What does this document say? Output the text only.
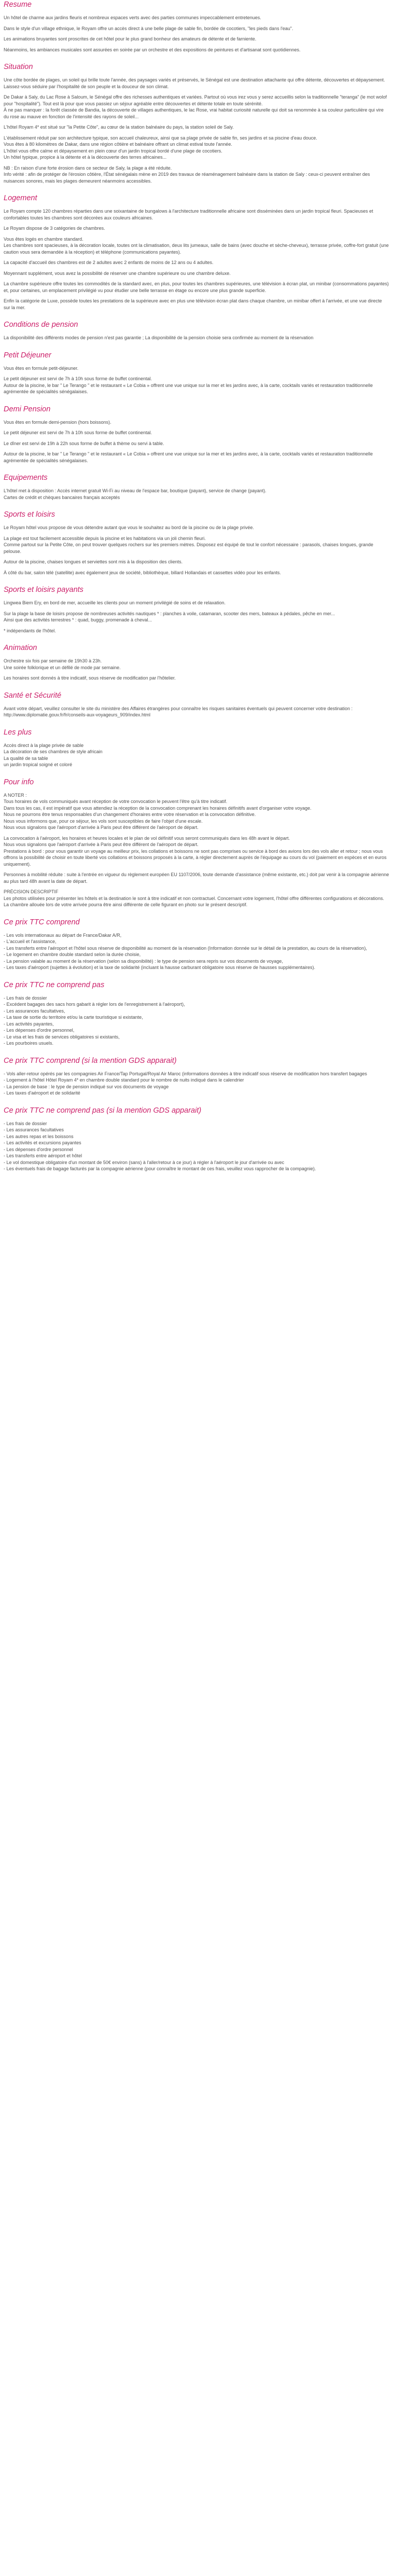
Resume

Un hôtel de charme aux jardins fleuris et nombreux espaces verts avec des parties communes impeccablement entretenues.

Dans le style d'un village ethnique, le Royam offre un accès direct à une belle plage de sable fin, bordée de cocotiers, "les pieds dans l'eau".

Les animations bruyantes sont proscrites de cet hôtel pour le plus grand bonheur des amateurs de détente et de farniente.

Néanmoins, les ambiances musicales sont assurées en soirée par un orchestre et des expositions de peintures et d'artisanat sont quotidiennes.

Situation

Une côte bordée de plages, un soleil qui brille toute l'année, des paysages variés et préservés, le Sénégal est une destination attachante qui offre détente, découvertes et dépaysement.

Laissez-vous séduire par l'hospitalité de son peuple et la douceur de son climat.

De Dakar à Saly, du Lac Rose à Saloum, le Sénégal offre des richesses authentiques et variées. Partout où vous irez vous y serez accueillis selon la traditionnelle "teranga" (le mot wolof pour "hospitalité"). Tout est là pour que vous passiez un séjour agréable entre découvertes et détente totale en toute sérénité.

À ne pas manquer : la forêt classée de Bandia, la découverte de villages authentiques, le lac Rose, vrai habitat curiosité naturelle qui doit sa renommée à sa couleur particulière qui vire du rose au mauve en fonction de l'intensité des rayons de soleil...

L'hôtel Royam 4* est situé sur "la Petite Côte", au cœur de la station balnéaire du pays, la station soleil de Saly.

L'établissement réduit par son architecture typique, son accueil chaleureux, ainsi que sa plage privée de sable fin, ses jardins et sa piscine d'eau douce.

Vous êtes à 80 kilomètres de Dakar, dans une région côtière et balnéaire offrant un climat estival toute l'année.

L'hôtel vous offre calme et dépaysement en plein cœur d'un jardin tropical bordé d'une plage de cocotiers.

Un hôtel typique, propice à la détente et à la découverte des terres africaines...

NB : En raison d'une forte érosion dans ce secteur de Saly, la plage a été réduite.

Info vérité : afin de protéger de l'érosion côtière, l'État sénégalais mène en 2019 des travaux de réaménagement balnéaire dans la station de Saly : ceux-ci peuvent entraîner des nuisances sonores, mais les plages demeurent néanmoins accessibles.

Logement

Le Royam compte 120 chambres réparties dans une soixantaine de bungalows à l'architecture traditionnelle africaine sont disséminées dans un jardin tropical fleuri. Spacieuses et confortables toutes les chambres sont décorées aux couleurs africaines.

Le Royam dispose de 3 catégories de chambres.

Vous êtes logés en chambre standard.

Les chambres sont spacieuses, à la décoration locale, toutes ont la climatisation, deux lits jumeaux, salle de bains (avec douche et sèche-cheveux), terrasse privée, coffre-fort gratuit (une caution vous sera demandée à la réception) et téléphone (communications payantes).

La capacité d'accueil des chambres est de 2 adultes avec 2 enfants de moins de 12 ans ou 4 adultes.

Moyennant supplément, vous avez la possibilité de réserver une chambre supérieure ou une chambre deluxe.

La chambre supérieure offre toutes les commodités de la standard avec, en plus, pour toutes les chambres supérieures, une télévision à écran plat, un minibar (consommations payantes) et, pour certaines, un emplacement privilégié vu pour étudier une belle terrasse en étage ou encore une plus grande superficie.

Enfin la catégorie de Luxe, possède toutes les prestations de la supérieure avec en plus une télévision écran plat dans chaque chambre, un minibar offert à l'arrivée, et une vue directe sur la mer.

Conditions de pension

La disponibilité des différents modes de pension n'est pas garantie ; La disponibilité de la pension choisie sera confirmée au moment de la réservation

Petit Déjeuner

Vous êtes en formule petit-déjeuner.

Le petit déjeuner est servi de 7h à 10h sous forme de buffet continental.

Autour de la piscine, le bar " Le Terango " et le restaurant « Le Cobia » offrent une vue unique sur la mer et les jardins avec, à la carte, cocktails variés et restauration traditionnelle agrémentée de spécialités sénégalaises.

Demi Pension

Vous êtes en formule demi-pension (hors boissons).

Le petit déjeuner est servi de 7h à 10h sous forme de buffet continental.

Le dîner est servi de 19h à 22h sous forme de buffet à thème ou servi à table.

Autour de la piscine, le bar " Le Terango " et le restaurant « Le Cobia » offrent une vue unique sur la mer et les jardins avec, à la carte, cocktails variés et restauration traditionnelle agrémentée de spécialités sénégalaises.

Equipements

L'hôtel met à disposition : Accès internet gratuit Wi-Fi au niveau de l'espace bar, boutique (payant), service de change (payant).

Cartes de crédit et chèques bancaires français acceptés

Sports et loisirs

Le Royam hôtel vous propose de vous détendre autant que vous le souhaitez au bord de la piscine ou de la plage privée.

La plage est tout facilement accessible depuis la piscine et les habitations via un joli chemin fleuri.

Comme partout sur la Petite Côte, on peut trouver quelques rochers sur les premiers mètres. Disposez est équipé de tout le confort nécessaire : parasols, chaises longues, grande pelouse.

Autour de la piscine, chaises longues et serviettes sont mis à la disposition des clients.

À côté du bar, salon télé (satellite) avec également jeux de société, bibliothèque, billard Hollandais et cassettes vidéo pour les enfants.

Sports et loisirs payants

Lingwea Biem Ery, en bord de mer, accueille les clients pour un moment privilégié de soins et de relaxation.

Sur la plage la base de loisirs propose de nombreuses activités nautiques * : planches à voile, catamaran, scooter des mers, bateaux à pédales, pêche en mer...

Ainsi que des activités terrestres * : quad, buggy, promenade à cheval...

* indépendants de l'hôtel.

Animation

Orchestre six fois par semaine de 19h30 à 23h.

Une soirée folklorique et un défilé de mode par semaine.

Les horaires sont donnés à titre indicatif, sous réserve de modification par l'hôtelier.

Santé et Sécurité

Avant votre départ, veuillez consulter le site du ministère des Affaires étrangères pour connaître les risques sanitaires éventuels qui peuvent concerner votre destination : http://www.diplomatie.gouv.fr/fr/conseils-aux-voyageurs_909/index.html

Les plus

Accès direct à la plage privée de sable

La décoration de ses chambres de style africain

La qualité de sa table

un jardin tropical soigné et coloré

Pour info

A NOTER :

Tous horaires de vols communiqués avant réception de votre convocation le peuvent l'être qu'à titre indicatif.

Dans tous les cas, il est impératif que vous attendiez la réception de la convocation comprenant les horaires définitifs avant d'organiser votre voyage.

Nous ne pourrons être tenus responsables d'un changement d'horaires entre votre réservation et la convocation définitive.

Nous vous informons que, pour ce séjour, les vols sont susceptibles de faire l'objet d'une escale.

Nous vous signalons que l'aéroport d'arrivée à Paris peut être différent de l'aéroport de départ.

La convocation à l'aéroport, les horaires et heures locales et le plan de vol définitif vous seront communiqués dans les 48h avant le départ.

Nous vous signalons que l'aéroport d'arrivée à Paris peut être différent de l'aéroport de départ.

Prestations à bord : pour vous garantir un voyage au meilleur prix, les collations et boissons ne sont pas comprises ou service à bord des avions lors des vols aller et retour ; nous vous offrons la possibilité de choisir en toute liberté vos collations et boissons proposés à la carte, à régler directement auprès de l'équipage au cours du vol (paiement en espèces et en euros uniquement).

Personnes à mobilité réduite : suite à l'entrée en vigueur du règlement européen EU 1107/2006, toute demande d'assistance (même existante, etc.) doit par venir à la compagnie aérienne au plus tard 48h avant la date de départ.

PRÉCISION DESCRIPTIF

Les photos utilisées pour présenter les hôtels et la destination le sont à titre indicatif et non contractuel. Concernant votre logement, l'hôtel offre différentes configurations et décorations. La chambre allouée lors de votre arrivée pourra être ainsi différente de celle figurant en photo sur le présent descriptif.

Ce prix TTC comprend

- Les vols internationaux au départ de France/Dakar A/R,

- L'accueil et l'assistance,

- Les transferts entre l'aéroport et l'hôtel sous réserve de disponibilité au moment de la réservation (Information donnée sur le détail de la prestation, au cours de la réservation),

- Le logement en chambre double standard selon la durée choisie,

- La pension valable au moment de la réservation (selon sa disponibilité) : le type de pension sera repris sur vos documents de voyage,

- Les taxes d'aéroport (sujettes à évolution) et la taxe de solidarité (incluant la hausse carburant obligatoire sous réserve de hausses supplémentaires).

Ce prix TTC ne comprend pas

- Les frais de dossier

- Excédent bagages des sacs hors gabarit à régler lors de l'enregistrement à l'aéroport),

- Les assurances facultatives,

- La taxe de sortie du territoire et/ou la carte touristique si existante,

- Les activités payantes,

- Les dépenses d'ordre personnel,

- Le visa et les frais de services obligatoires si existants,

- Les pourboires usuels.

Ce prix TTC comprend (si la mention GDS apparait)

- Vols aller-retour opérés par les compagnies Air France/Tap Portugal/Royal Air Maroc (informations données à titre indicatif sous réserve de modification hors transfert bagages

- Logement à l'hôtel Hôtel Royam 4* en chambre double standard pour le nombre de nuits indiqué dans le calendrier

- La pension de base : le type de pension indiqué sur vos documents de voyage

- Les taxes d'aéroport et de solidarité

Ce prix TTC ne comprend pas (si la mention GDS apparait)

- Les frais de dossier

- Les assurances facultatives

- Les autres repas et les boissons

- Les activités et excursions payantes

- Les dépenses d'ordre personnel

- Les transferts entre aéroport et hôtel

- Le vol domestique obligatoire d'un montant de 50€ environ (sans) à l'aller/retour à ce jour) à régler à l'aéroport le jour d'arrivée ou avec

- Les éventuels frais de bagage facturés par la compagnie aérienne (pour connaître le montant de ces frais, veuillez vous rapprocher de la compagnie).
